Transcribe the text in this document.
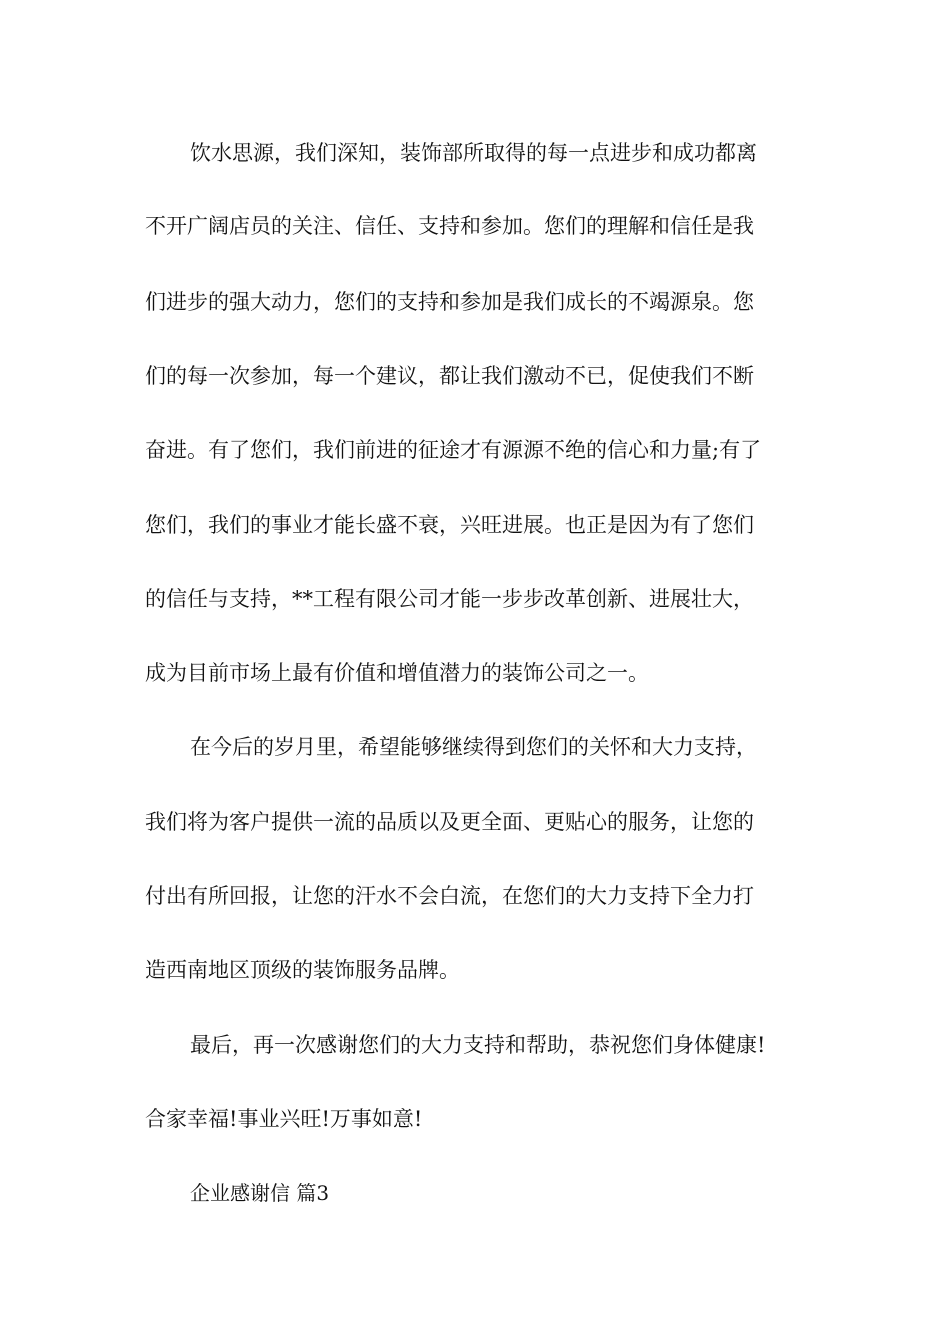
饮水思源，我们深知，装饰部所取得的每一点进步和成功都离
不开广阔店员的关注、信任、支持和参加。您们的理解和信任是我
们进步的强大动力，您们的支持和参加是我们成长的不竭源泉。您
们的每一次参加，每一个建议，都让我们激动不已，促使我们不断
奋进。有了您们，我们前进的征途才有源源不绝的信心和力量;有了
您们，我们的事业才能长盛不衰，兴旺进展。也正是因为有了您们
的信任与支持，**工程有限公司才能一步步改革创新、进展壮大，
成为目前市场上最有价值和增值潜力的装饰公司之一。
在今后的岁月里，希望能够继续得到您们的关怀和大力支持，
我们将为客户提供一流的品质以及更全面、更贴心的服务，让您的
付出有所回报，让您的汗水不会白流，在您们的大力支持下全力打
造西南地区顶级的装饰服务品牌。
最后，再一次感谢您们的大力支持和帮助，恭祝您们身体健康!
合家幸福!事业兴旺!万事如意!
企业感谢信 篇3
